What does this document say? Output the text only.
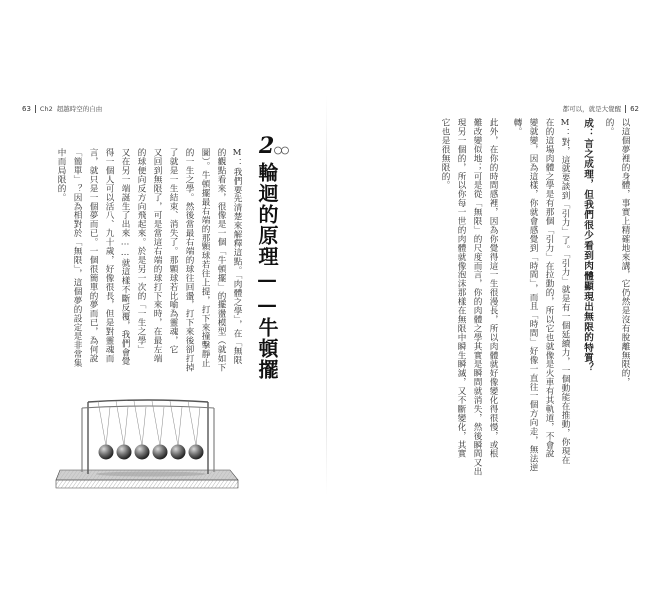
63 Ch2 超越時空的自由
2
輪迴的原理——牛頓擺
M：我們要先清楚來解釋這點。「肉體之學」，在「無限
的觀點看來，很像是一個「牛頓擺」的擺盪模型（就如下
圖）。牛頓擺最右端的那顆球若往上提，打下來撞擊靜止
的一生之學。然後當最右端的球往回盪，打下來後卻打掉
了就是一生結束、消失了。那顆球若比喻為靈魂，它
又回到無限了，可是當這右端的球打下來時，在最左端
的球便向反方向飛起來。於是另一次的「一生之學」
又在另一端誕生了出來……就這樣不斷反覆，我們會覺
得一個人可以活八、九十歲，好像很長，但是對靈魂而
言，就只是一個夢而已。一個很簡單的夢而已，為何說
「簡單」？因為相對於「無限」，這個夢的設定是非常集
中而局限的。
都可以，就是大覺醒 62
以這個夢裡的身體，事實上精確地來講，它仍然是沒有脫離無限的，
的。
成：言之成理，但我們很少看到肉體顯現出無限的特質？
M：對，這就要談到「引力」了。「引力」就是有一個延續力，一個動能在推動，你現在
在的這場肉體之學是有那個「引力」在拉動的，所以它也就像是火車有其軌道，不會說
變就變，因為這樣，你就會感覺到「時間」，而且「時間」好像一直往一個方向走，無法逆
轉。
此外，在你的時間感裡，因為你覺得這一生很漫長，所以肉體就好像變化得很慢，或根
難改變似地；可是從「無限」的尺度而言，你的肉體之學其實是瞬間就消失，然後瞬間又出
現另一個的，所以你每一世的肉體就像泡沫那樣在無限中瞬生瞬滅，又不斷變化，其實
它也是很無限的。
